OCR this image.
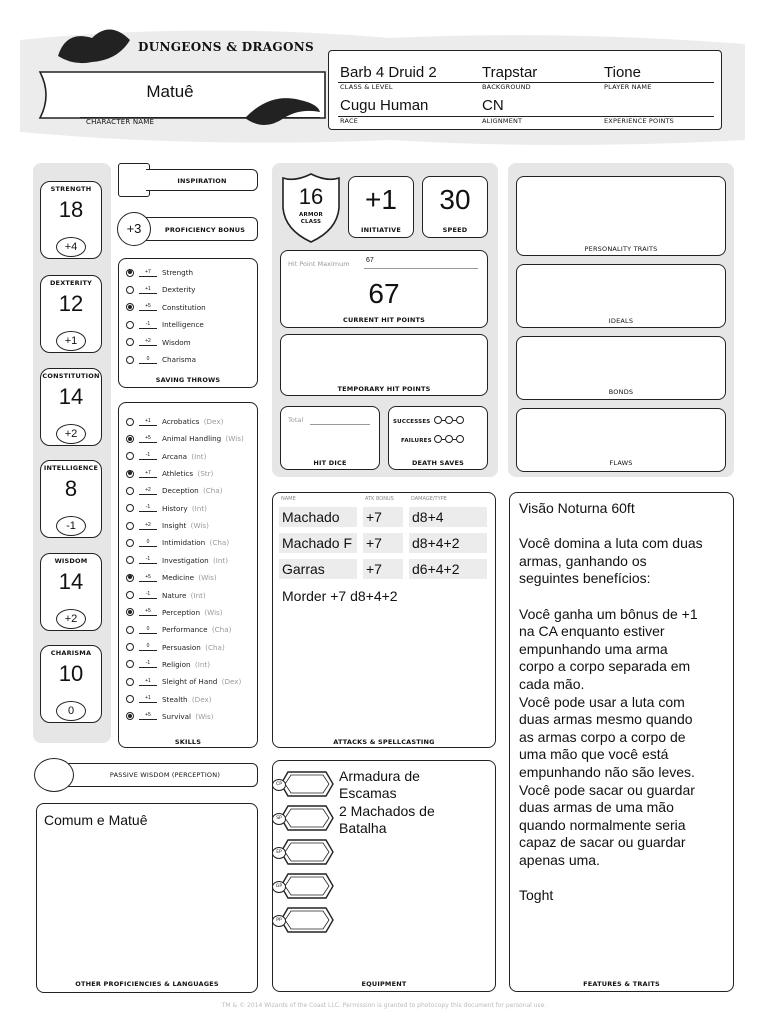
DUNGEONS & DRAGONS
Matuê
CHARACTER NAME
Barb 4 Druid 2	Trapstar	Tione
CLASS & LEVEL	BACKGROUND	PLAYER NAME
Cugu Human	CN
RACE	ALIGNMENT	EXPERIENCE POINTS
STRENGTH
18
+4
DEXTERITY
12
+1
CONSTITUTION
14
+2
INTELLIGENCE
8
-1
WISDOM
14
+2
CHARISMA
10
0
INSPIRATION
+3	PROFICIENCY BONUS
+7	Strength
+1	Dexterity
+5	Constitution
-1	Intelligence
+2	Wisdom
0	Charisma
SAVING THROWS
+1	Acrobatics (Dex)
+5	Animal Handling (Wis)
-1	Arcana (Int)
+7	Athletics (Str)
+2	Deception (Cha)
-1	History (Int)
+2	Insight (Wis)
0	Intimidation (Cha)
-1	Investigation (Int)
+5	Medicine (Wis)
-1	Nature (Int)
+5	Perception (Wis)
0	Performance (Cha)
0	Persuasion (Cha)
-1	Religion (Int)
+1	Sleight of Hand (Dex)
+1	Stealth (Dex)
+5	Survival (Wis)
SKILLS
PASSIVE WISDOM (PERCEPTION)
Comum e Matuê
OTHER PROFICIENCIES & LANGUAGES
16
ARMOR CLASS
+1
INITIATIVE
30
SPEED
Hit Point Maximum 67
67
CURRENT HIT POINTS
TEMPORARY HIT POINTS
Total
HIT DICE
SUCCESSES
FAILURES
DEATH SAVES
PERSONALITY TRAITS
IDEALS
BONDS
FLAWS
NAME	ATK BONUS	DAMAGE/TYPE
Machado	+7	d8+4
Machado F +7	d8+4+2
Garras	+7	d6+4+2
Morder +7 d8+4+2
ATTACKS & SPELLCASTING
CP
SP
EP
GP
PP
Armadura de
Escamas
2 Machados de
Batalha
EQUIPMENT
Visão Noturna 60ft
Você domina a luta com duas
armas, ganhando os
seguintes benefícios:
Você ganha um bônus de +1
na CA enquanto estiver
empunhando uma arma
corpo a corpo separada em
cada mão.
Você pode usar a luta com
duas armas mesmo quando
as armas corpo a corpo de
uma mão que você está
empunhando não são leves.
Você pode sacar ou guardar
duas armas de uma mão
quando normalmente seria
capaz de sacar ou guardar
apenas uma.
Toght
FEATURES & TRAITS
TM & © 2014 Wizards of the Coast LLC. Permission is granted to photocopy this document for personal use.
